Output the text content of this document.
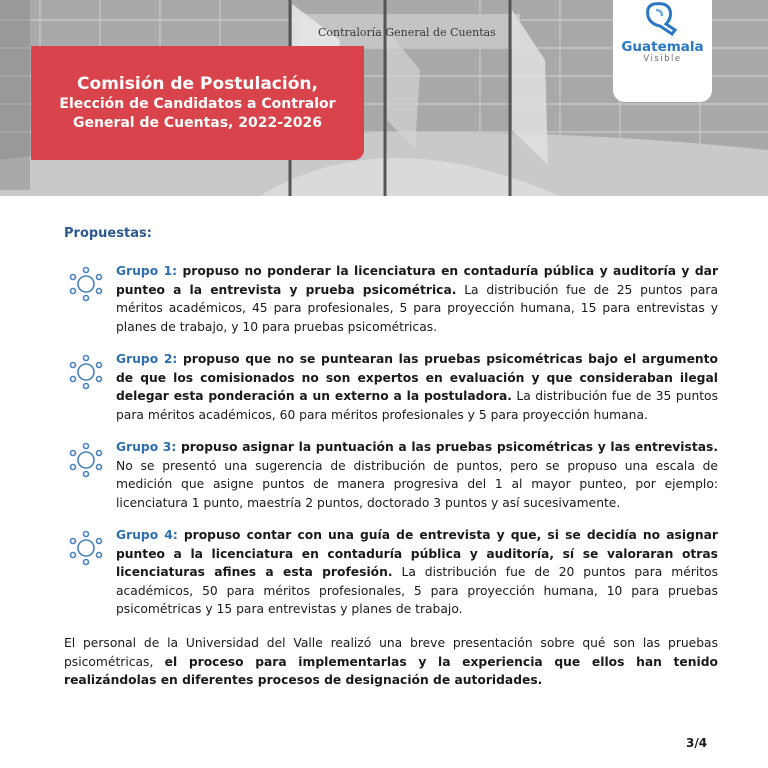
Contraloría General de Cuentas
Comisión de Postulación,
Elección de Candidatos a Contralor
General de Cuentas, 2022-2026
Guatemala
Visible
Propuestas:
Grupo 1: propuso no ponderar la licenciatura en contaduría pública y auditoría y dar punteo a la entrevista y prueba psicométrica. La distribución fue de 25 puntos para méritos académicos, 45 para profesionales, 5 para proyección humana, 15 para entrevistas y planes de trabajo, y 10 para pruebas psicométricas.
Grupo 2: propuso que no se puntearan las pruebas psicométricas bajo el argumento de que los comisionados no son expertos en evaluación y que consideraban ilegal delegar esta ponderación a un externo a la postuladora. La distribución fue de 35 puntos para méritos académicos, 60 para méritos profesionales y 5 para proyección humana.
Grupo 3: propuso asignar la puntuación a las pruebas psicométricas y las entrevistas. No se presentó una sugerencia de distribución de puntos, pero se propuso una escala de medición que asigne puntos de manera progresiva del 1 al mayor punteo, por ejemplo: licenciatura 1 punto, maestría 2 puntos, doctorado 3 puntos y así sucesivamente.
Grupo 4: propuso contar con una guía de entrevista y que, si se decidía no asignar punteo a la licenciatura en contaduría pública y auditoría, sí se valoraran otras licenciaturas afines a esta profesión. La distribución fue de 20 puntos para méritos académicos, 50 para méritos profesionales, 5 para proyección humana, 10 para pruebas psicométricas y 15 para entrevistas y planes de trabajo.
El personal de la Universidad del Valle realizó una breve presentación sobre qué son las pruebas psicométricas, el proceso para implementarlas y la experiencia que ellos han tenido realizándolas en diferentes procesos de designación de autoridades.
3/4
